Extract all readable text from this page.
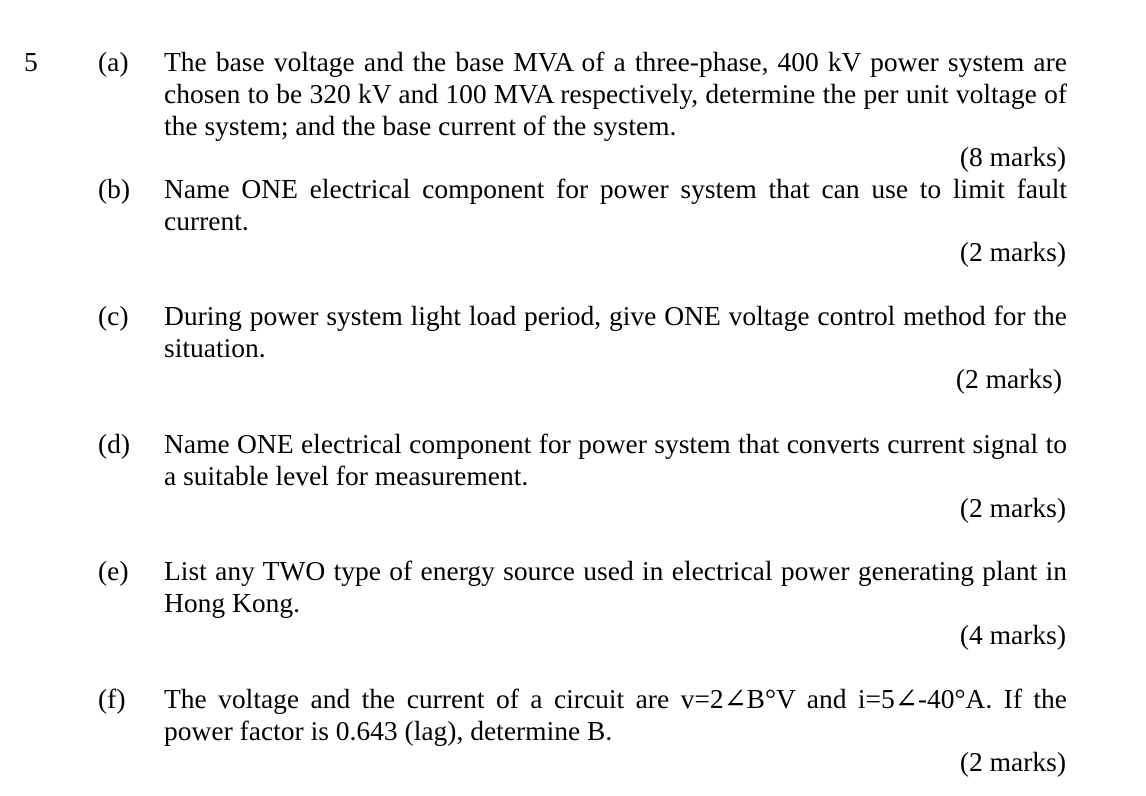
5 (a) The base voltage and the base MVA of a three-phase, 400 kV power system are chosen to be 320 kV and 100 MVA respectively, determine the per unit voltage of the system; and the base current of the system.
(8 marks)
(b) Name ONE electrical component for power system that can use to limit fault current.
(2 marks)
(c) During power system light load period, give ONE voltage control method for the situation.
(2 marks)
(d) Name ONE electrical component for power system that converts current signal to a suitable level for measurement.
(2 marks)
(e) List any TWO type of energy source used in electrical power generating plant in Hong Kong.
(4 marks)
(f) The voltage and the current of a circuit are v=2∠B°V and i=5∠-40°A. If the power factor is 0.643 (lag), determine B.
(2 marks)
